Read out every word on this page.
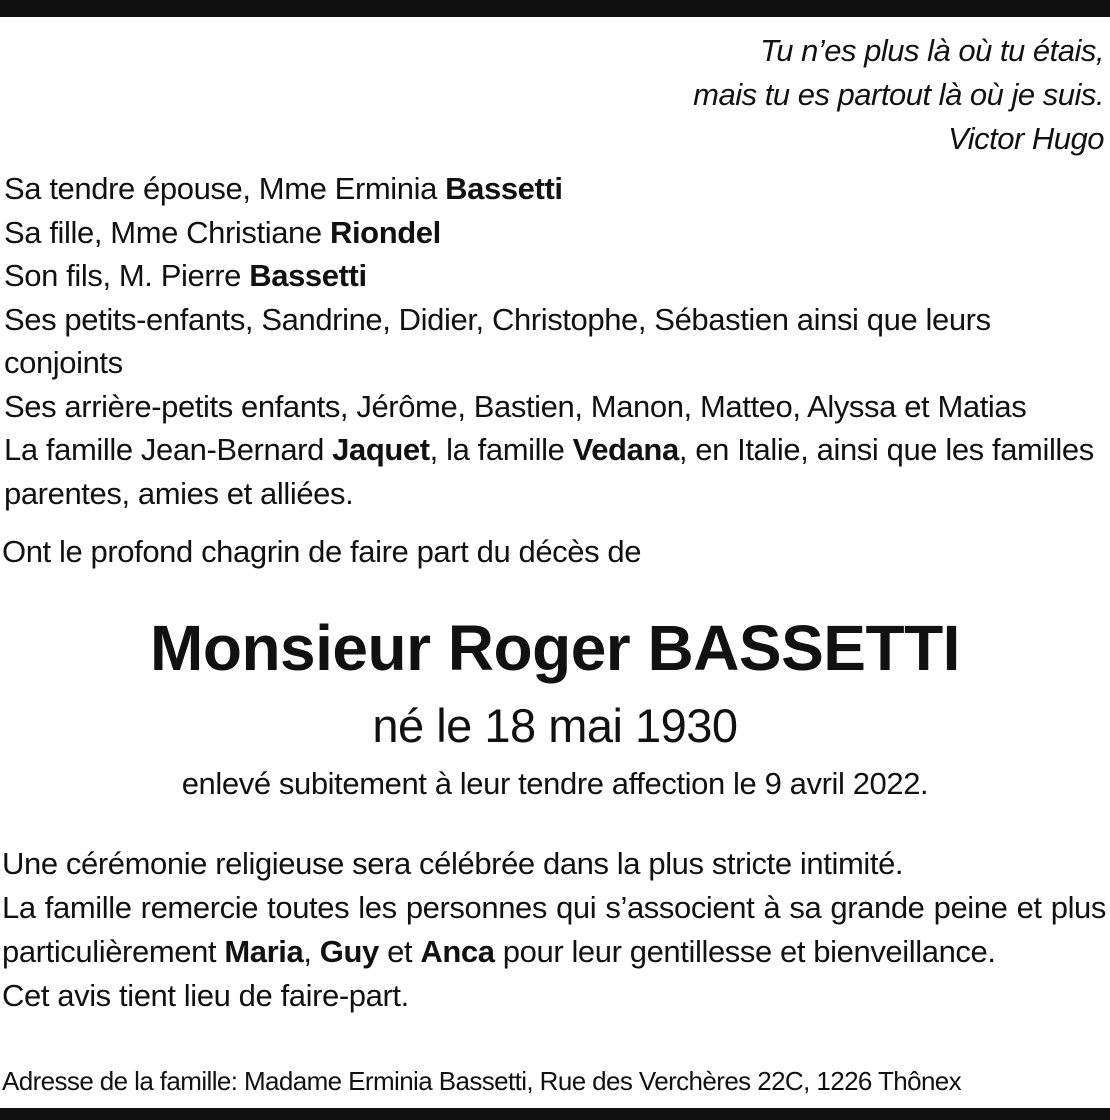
Tu n’es plus là où tu étais,
mais tu es partout là où je suis.
Victor Hugo
Sa tendre épouse, Mme Erminia Bassetti
Sa fille, Mme Christiane Riondel
Son fils, M. Pierre Bassetti
Ses petits-enfants, Sandrine, Didier, Christophe, Sébastien ainsi que leurs conjoints
Ses arrière-petits enfants, Jérôme, Bastien, Manon, Matteo, Alyssa et Matias
La famille Jean-Bernard Jaquet, la famille Vedana, en Italie, ainsi que les familles parentes, amies et alliées.
Ont le profond chagrin de faire part du décès de
Monsieur Roger BASSETTI
né le 18 mai 1930
enlevé subitement à leur tendre affection le 9 avril 2022.
Une cérémonie religieuse sera célébrée dans la plus stricte intimité.
La famille remercie toutes les personnes qui s’associent à sa grande peine et plus particulièrement Maria, Guy et Anca pour leur gentillesse et bienveillance.
Cet avis tient lieu de faire-part.
Adresse de la famille: Madame Erminia Bassetti, Rue des Verchères 22C, 1226 Thônex
